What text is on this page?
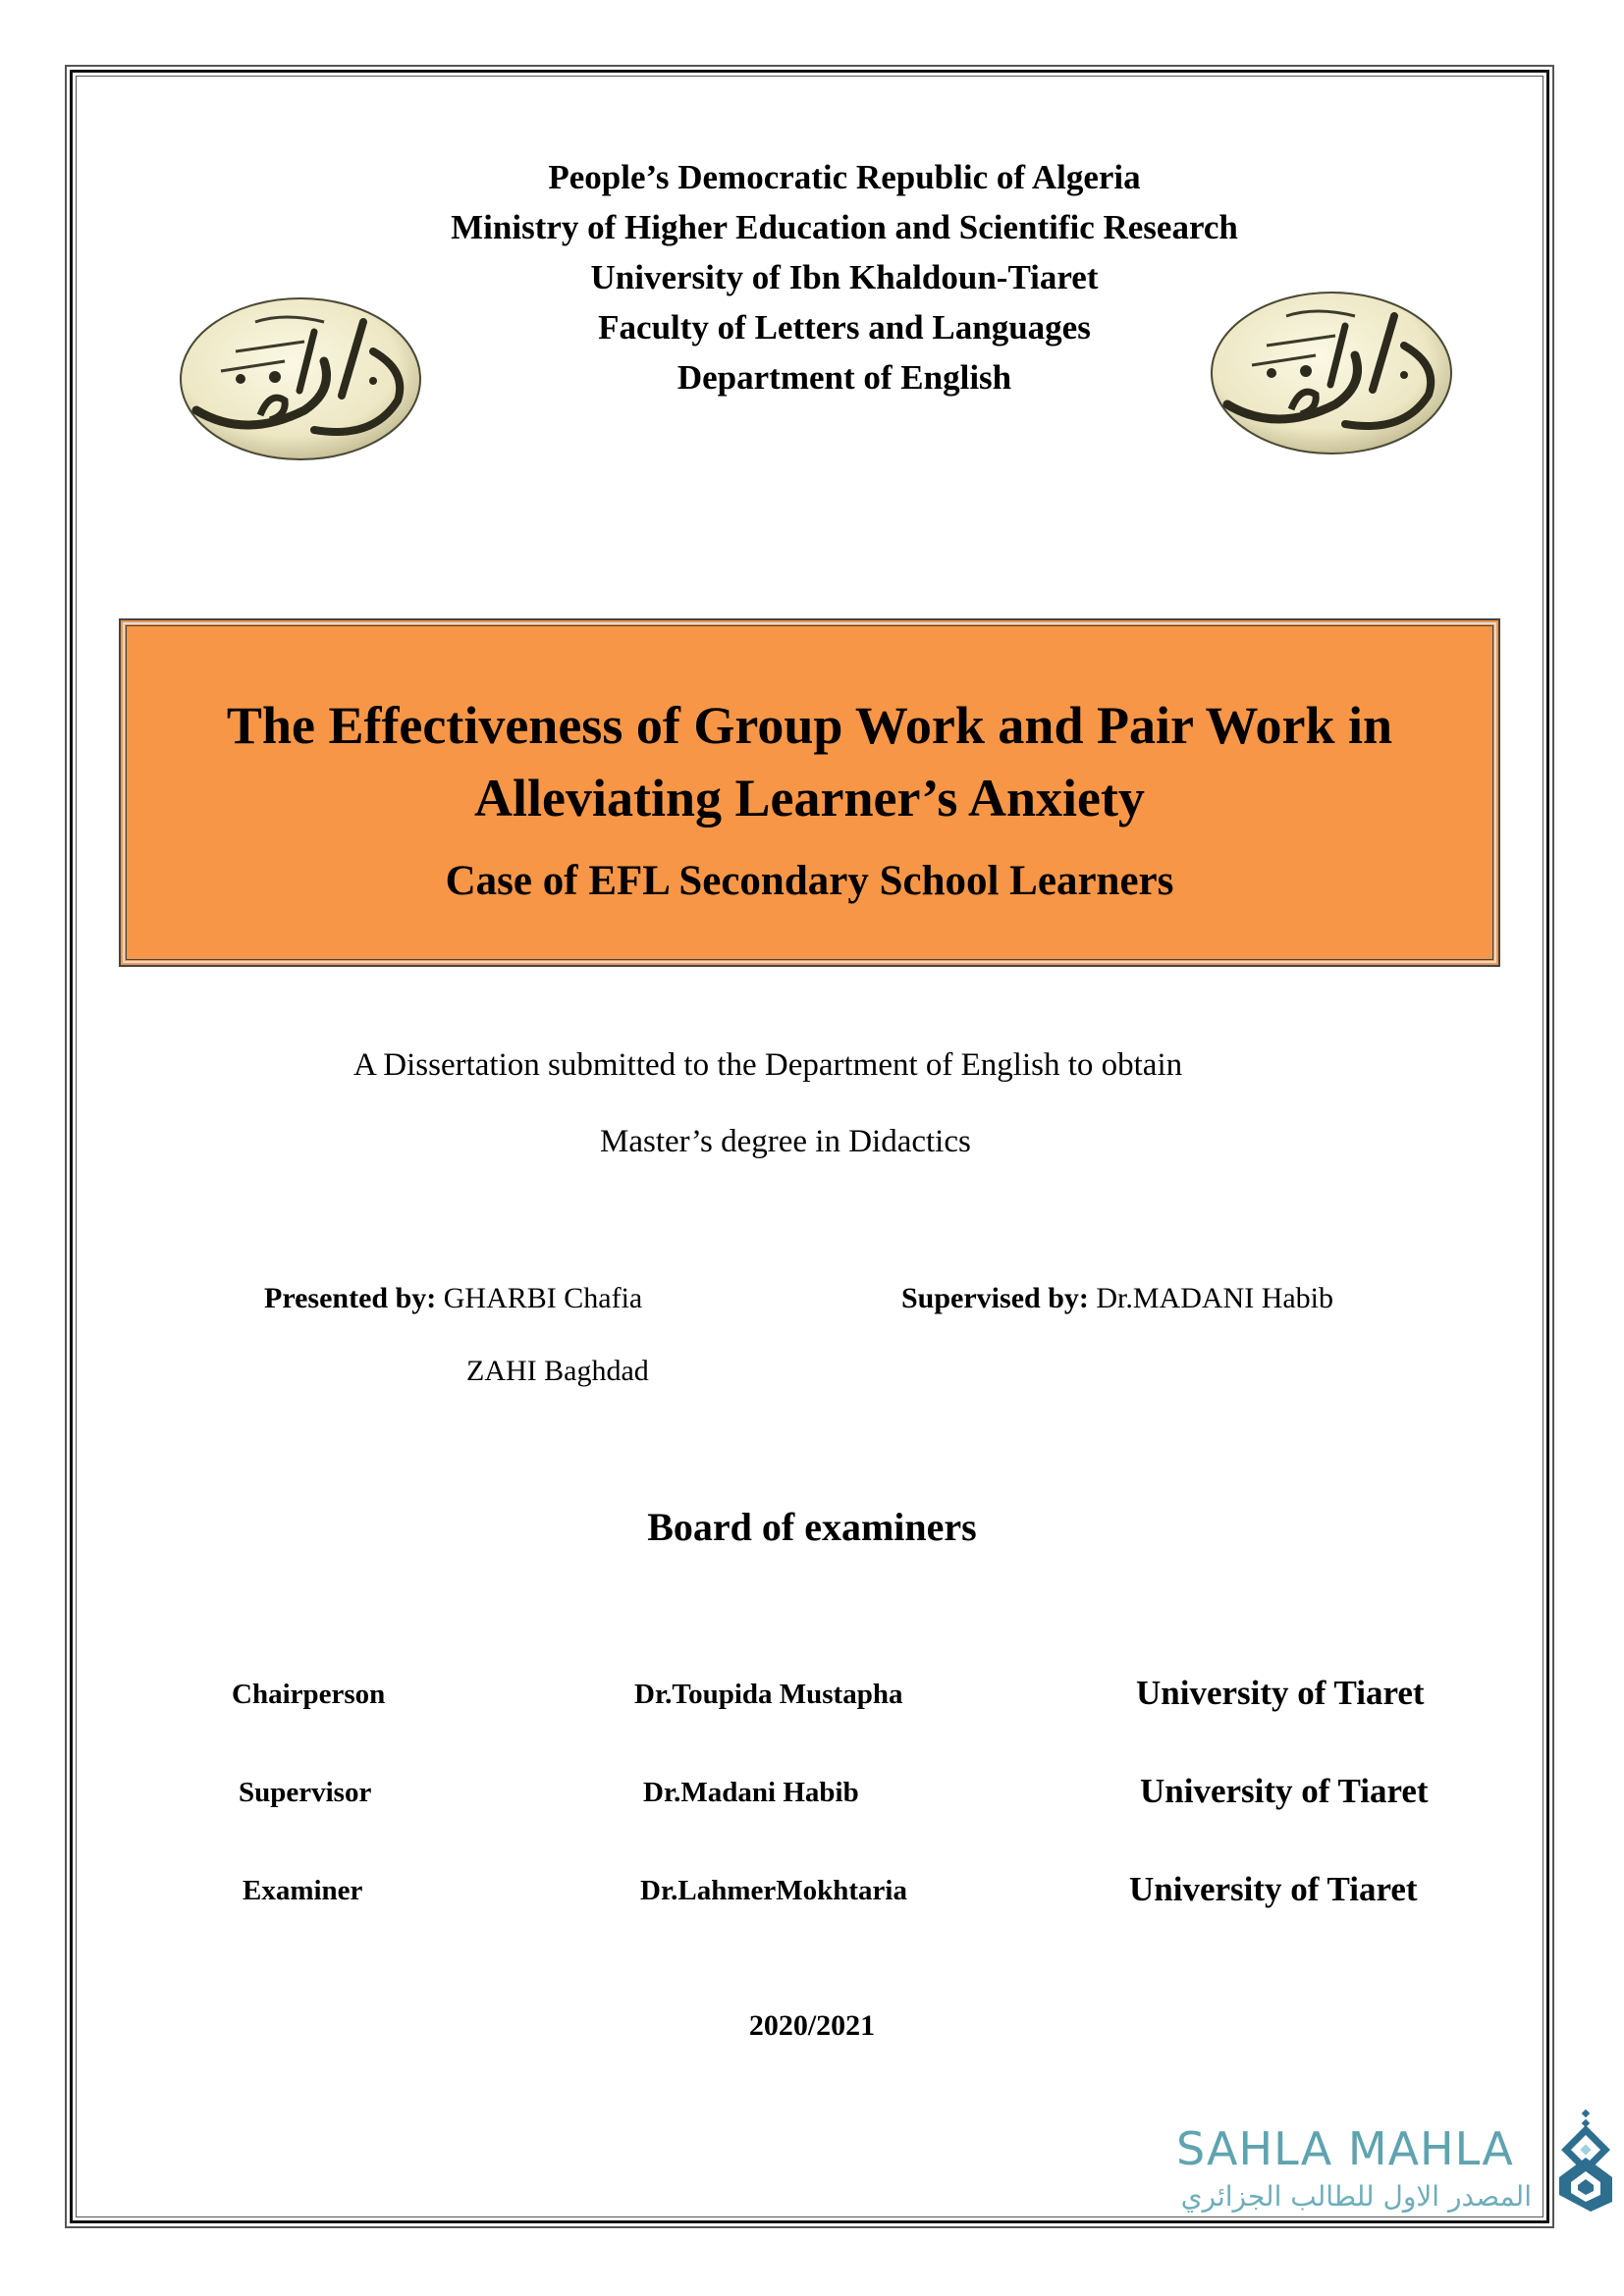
People’s Democratic Republic of Algeria
Ministry of Higher Education and Scientific Research
University of Ibn Khaldoun-Tiaret
Faculty of Letters and Languages
Department of English
The Effectiveness of Group Work and Pair Work in
Alleviating Learner’s Anxiety
Case of EFL Secondary School Learners
A Dissertation submitted to the Department of English to obtain
Master’s degree in Didactics
Presented by: GHARBI Chafia
ZAHI Baghdad
Supervised by: Dr.MADANI Habib
Board of examiners
Chairperson	Dr.Toupida Mustapha	University of Tiaret
Supervisor	Dr.Madani Habib	University of Tiaret
Examiner	Dr.LahmerMokhtaria	University of Tiaret
2020/2021
SAHLA MAHLA
المصدر الاول للطالب الجزائري
